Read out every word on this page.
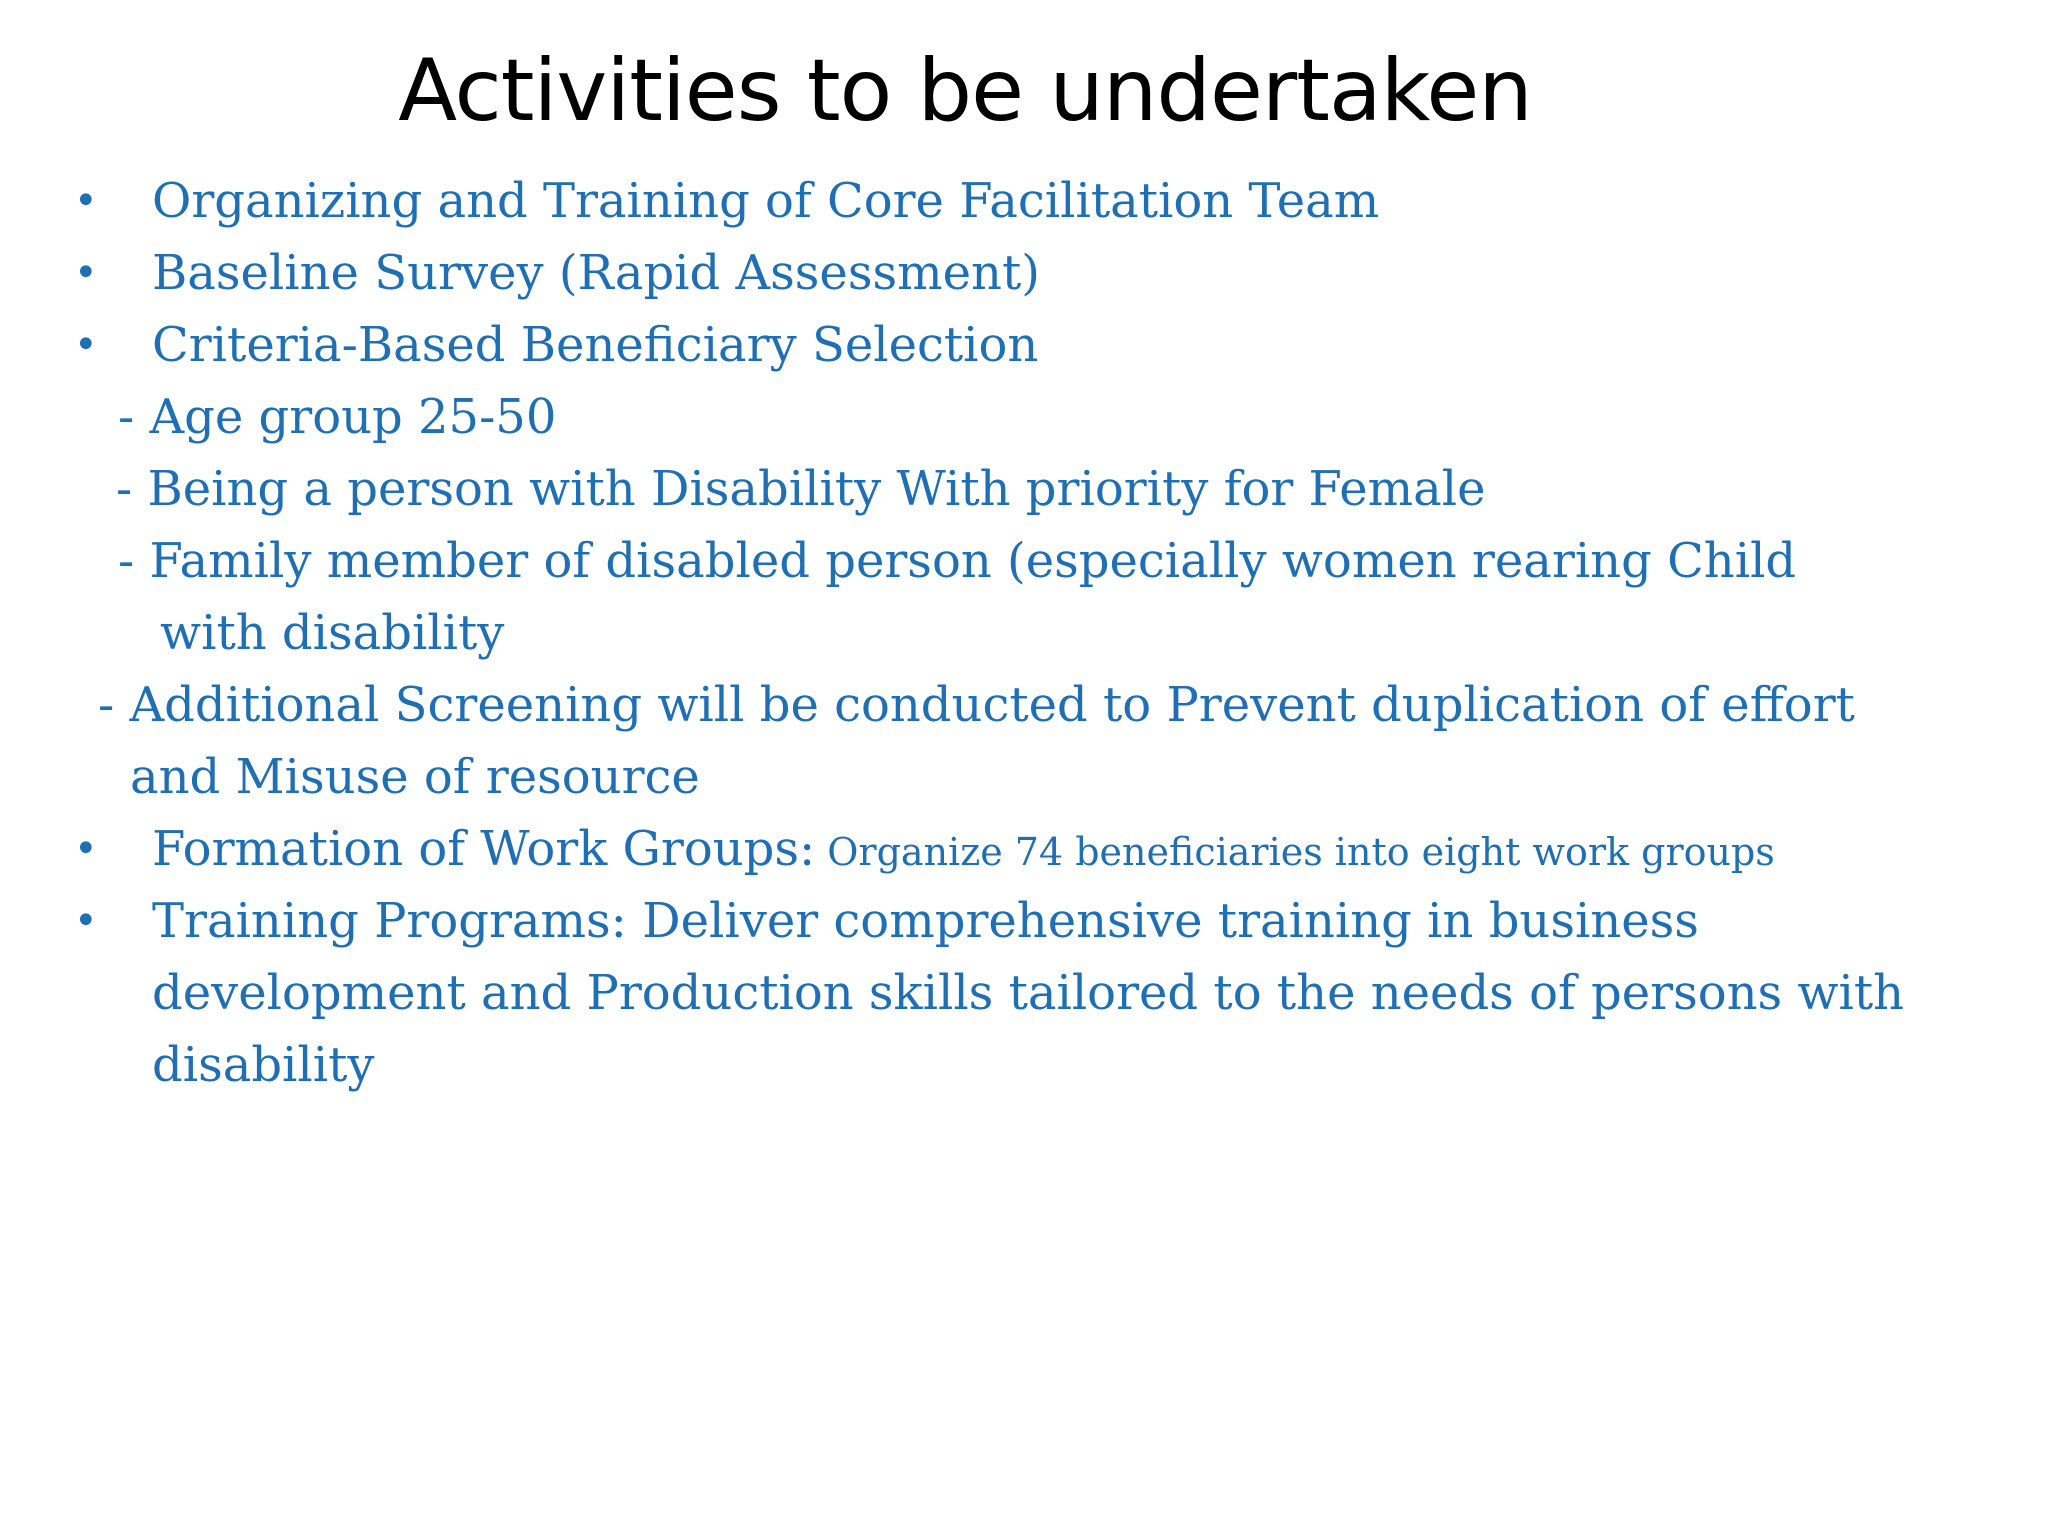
Activities to be undertaken
• Organizing and Training of Core Facilitation Team
• Baseline Survey (Rapid Assessment)
• Criteria-Based Beneficiary Selection
- Age group 25-50
- Being a person with Disability With priority for Female
- Family member of disabled person (especially women rearing Child
with disability
- Additional Screening will be conducted to Prevent duplication of effort
and Misuse of resource
• Formation of Work Groups: Organize 74 beneficiaries into eight work groups
• Training Programs: Deliver comprehensive training in business
development and Production skills tailored to the needs of persons with
disability
